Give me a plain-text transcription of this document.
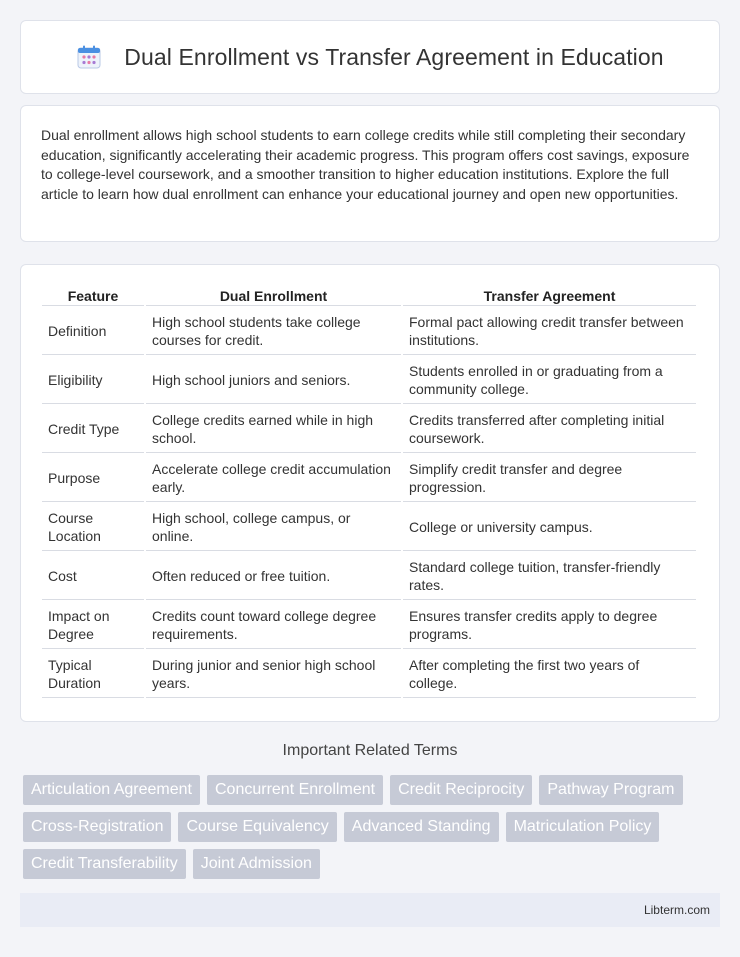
Dual Enrollment vs Transfer Agreement in Education

Dual enrollment allows high school students to earn college credits while still completing their secondary education, significantly accelerating their academic progress. This program offers cost savings, exposure to college-level coursework, and a smoother transition to higher education institutions. Explore the full article to learn how dual enrollment can enhance your educational journey and open new opportunities.

Feature	Dual Enrollment	Transfer Agreement
Definition	High school students take college courses for credit.	Formal pact allowing credit transfer between institutions.
Eligibility	High school juniors and seniors.	Students enrolled in or graduating from a community college.
Credit Type	College credits earned while in high school.	Credits transferred after completing initial coursework.
Purpose	Accelerate college credit accumulation early.	Simplify credit transfer and degree progression.
Course Location	High school, college campus, or online.	College or university campus.
Cost	Often reduced or free tuition.	Standard college tuition, transfer-friendly rates.
Impact on Degree	Credits count toward college degree requirements.	Ensures transfer credits apply to degree programs.
Typical Duration	During junior and senior high school years.	After completing the first two years of college.
Important Related Terms
Articulation Agreement	Concurrent Enrollment	Credit Reciprocity	Pathway Program
Cross-Registration	Course Equivalency	Advanced Standing	Matriculation Policy
Credit Transferability	Joint Admission
Libterm.com
